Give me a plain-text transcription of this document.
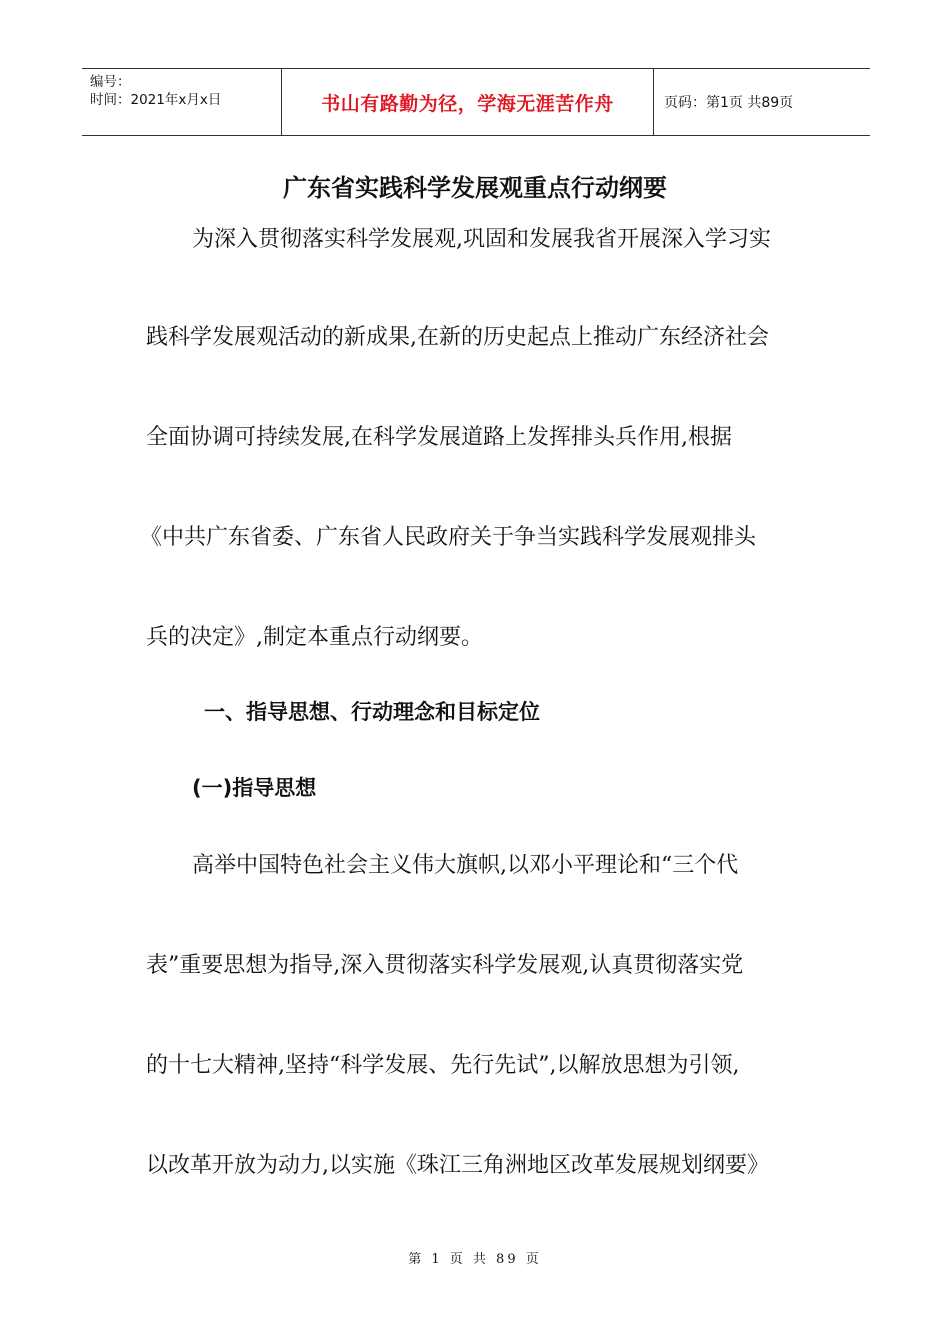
编号：
时间：2021年x月x日	书山有路勤为径，学海无涯苦作舟	页码：第1页 共89页
广东省实践科学发展观重点行动纲要
为深入贯彻落实科学发展观,巩固和发展我省开展深入学习实
践科学发展观活动的新成果,在新的历史起点上推动广东经济社会
全面协调可持续发展,在科学发展道路上发挥排头兵作用,根据
《中共广东省委、广东省人民政府关于争当实践科学发展观排头
兵的决定》,制定本重点行动纲要。
一、指导思想、行动理念和目标定位
(一)指导思想
高举中国特色社会主义伟大旗帜,以邓小平理论和“三个代
表”重要思想为指导,深入贯彻落实科学发展观,认真贯彻落实党
的十七大精神,坚持“科学发展、先行先试”,以解放思想为引领,
以改革开放为动力,以实施《珠江三角洲地区改革发展规划纲要》
第 1 页 共 89 页
